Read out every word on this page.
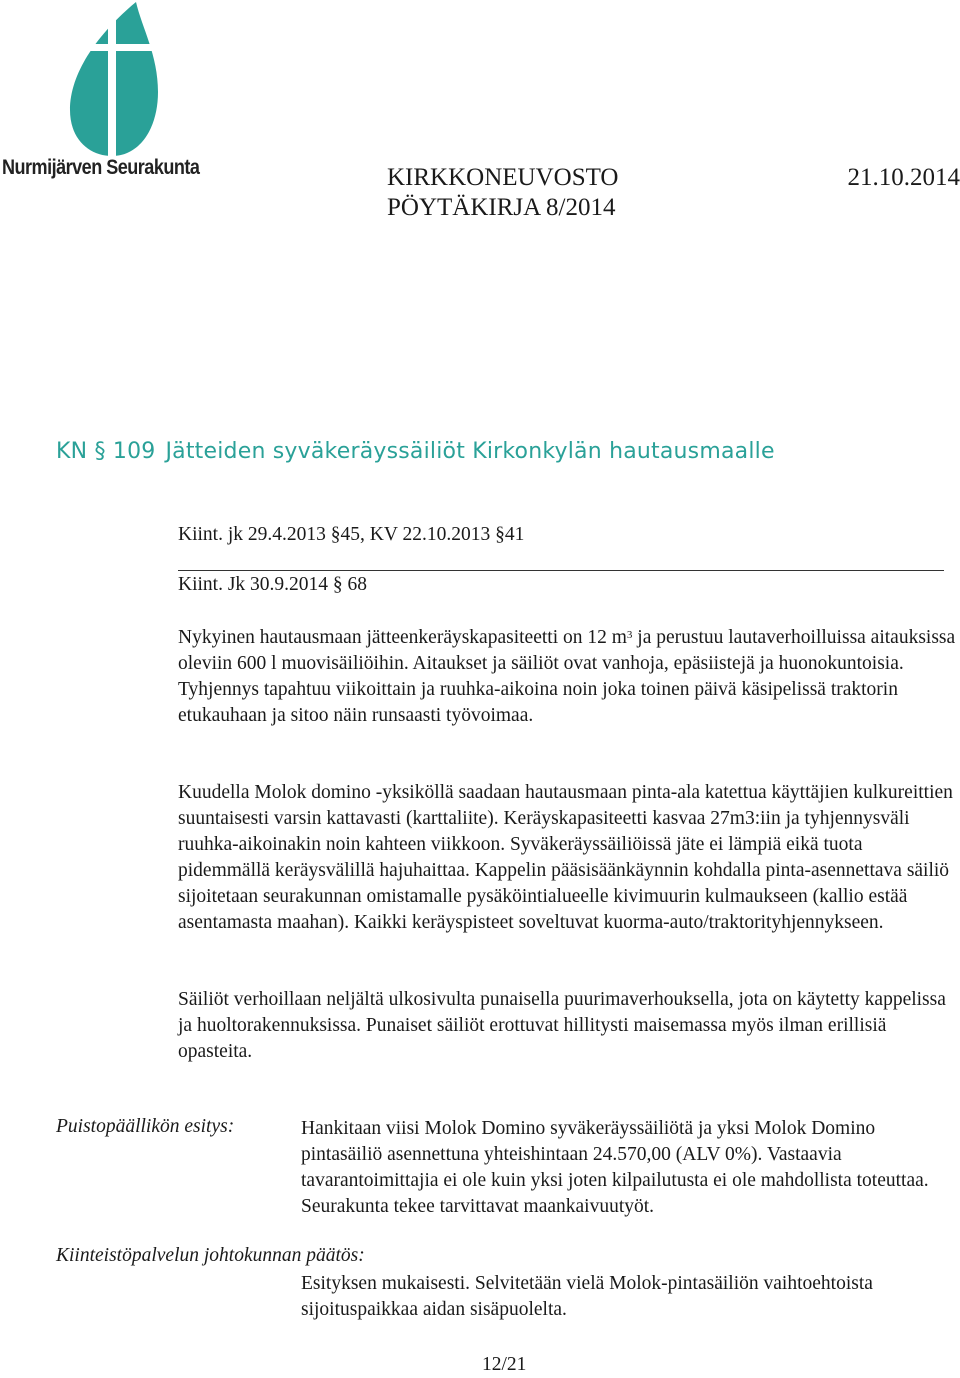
Nurmijärven Seurakunta	KIRKKONEUVOSTO	21.10.2014
PÖYTÄKIRJA 8/2014
KN § 109 Jätteiden syväkeräyssäiliöt Kirkonkylän hautausmaalle
Kiint. jk 29.4.2013 §45, KV 22.10.2013 §41
Kiint. Jk 30.9.2014 § 68

Nykyinen hautausmaan jätteenkeräyskapasiteetti on 12 $m^3$ ja perustuu lautaverhoilluissa aitauksissa oleviin 600 l muovisäiliöihin. Aitaukset ja säiliöt ovat vanhoja, epäsiistejä ja huonokuntoisia. Tyhjennys tapahtuu viikoittain ja ruuhka-aikoina noin joka toinen päivä käsipelissä traktorin etukauhaan ja sitoo näin runsaasti työvoimaa.

Kuudella Molok domino -yksiköllä saadaan hautausmaan pinta-ala katettua käyttäjien kulkureittien suuntaisesti varsin kattavasti (karttaliite). Keräyskapasiteetti kasvaa 27m3:iin ja tyhjennysväli ruuhka-aikoinakin noin kahteen viikkoon. Syväkeräyssäiliöissä jäte ei lämpiä eikä tuota pidemmällä keräysvälillä hajuhaittaa. Kappelin pääsisäänkäynnin kohdalla pinta-asennettava säiliö sijoitetaan seurakunnan omistamalle pysäköintialueelle kivimuurin kulmaukseen (kallio estää asentamasta maahan). Kaikki keräyspisteet soveltuvat kuorma-auto/traktorityhjennykseen.

Säiliöt verhoillaan neljältä ulkosivulta punaisella puurimaverhouksella, jota on käytetty kappelissa ja huoltorakennuksissa. Punaiset säiliöt erottuvat hillitysti maisemassa myös ilman erillisiä opasteita.

Puistopäällikön esitys:	Hankitaan viisi Molok Domino syväkeräyssäiliötä ja yksi Molok Domino pintasäiliö asennettuna yhteishintaan 24.570,00 (ALV 0%). Vastaavia tavarantoimittajia ei ole kuin yksi joten kilpailutusta ei ole mahdollista toteuttaa. Seurakunta tekee tarvittavat maankaivuutyöt.
Kiinteistöpalvelun johtokunnan päätös:
Esityksen mukaisesti. Selvitetään vielä Molok-pintasäiliön vaihtoehtoista sijoituspaikkaa aidan sisäpuolelta.
12/21
